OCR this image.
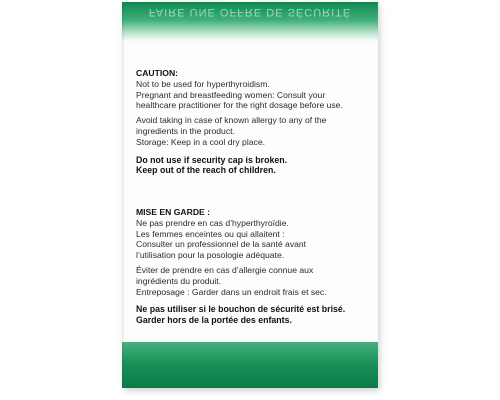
FAIRE UNE OFFRE DE SÉCURITÉ

CAUTION:

Not to be used for hyperthyroidism.

Pregnant and breastfeeding women: Consult your
healthcare practitioner for the right dosage before use.

Avoid taking in case of known allergy to any of the
ingredients in the product.

Storage: Keep in a cool dry place.

Do not use if security cap is broken.

Keep out of the reach of children.

MISE EN GARDE :

Ne pas prendre en cas d’hyperthyroïdie.

Les femmes enceintes ou qui allaitent :
Consulter un professionnel de la santé avant
l’utilisation pour la posologie adéquate.

Éviter de prendre en cas d’allergie connue aux
ingrédients du produit.

Entreposage : Garder dans un endroit frais et sec.

Ne pas utiliser si le bouchon de sécurité est brisé.

Garder hors de la portée des enfants.
